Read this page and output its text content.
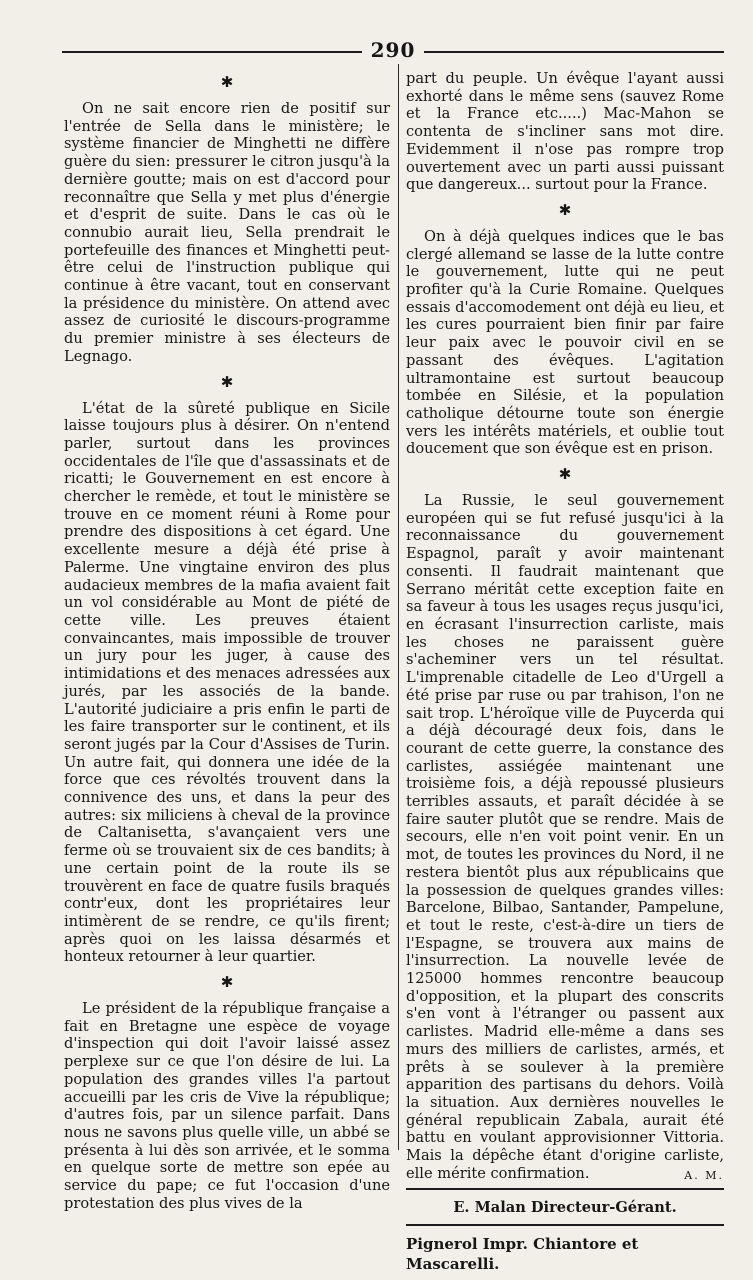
290
✱

On ne sait encore rien de positif sur l'entrée de Sella dans le ministère; le système financier de Minghetti ne diffère guère du sien: pressurer le citron jusqu'à la dernière goutte; mais on est d'accord pour reconnaître que Sella y met plus d'énergie et d'esprit de suite. Dans le cas où le connubio aurait lieu, Sella prendrait le portefeuille des finances et Minghetti peut-être celui de l'instruction publique qui continue à être vacant, tout en conservant la présidence du ministère. On attend avec assez de curiosité le discours-programme du premier ministre à ses électeurs de Legnago.

✱

L'état de la sûreté publique en Sicile laisse toujours plus à désirer. On n'entend parler, surtout dans les provinces occidentales de l'île que d'assassinats et de ricatti; le Gouvernement en est encore à chercher le remède, et tout le ministère se trouve en ce moment réuni à Rome pour prendre des dispositions à cet égard. Une excellente mesure a déjà été prise à Palerme. Une vingtaine environ des plus audacieux membres de la mafia avaient fait un vol considérable au Mont de piété de cette ville. Les preuves étaient convaincantes, mais impossible de trouver un jury pour les juger, à cause des intimidations et des menaces adressées aux jurés, par les associés de la bande. L'autorité judiciaire a pris enfin le parti de les faire transporter sur le continent, et ils seront jugés par la Cour d'Assises de Turin. Un autre fait, qui donnera une idée de la force que ces révoltés trouvent dans la connivence des uns, et dans la peur des autres: six miliciens à cheval de la province de Caltanisetta, s'avançaient vers une ferme où se trouvaient six de ces bandits; à une certain point de la route ils se trouvèrent en face de quatre fusils braqués contr'eux, dont les propriétaires leur intimèrent de se rendre, ce qu'ils firent; après quoi on les laissa désarmés et honteux retourner à leur quartier.

✱

Le président de la république française a fait en Bretagne une espèce de voyage d'inspection qui doit l'avoir laissé assez perplexe sur ce que l'on désire de lui. La population des grandes villes l'a partout accueilli par les cris de Vive la république; d'autres fois, par un silence parfait. Dans nous ne savons plus quelle ville, un abbé se présenta à lui dès son arrivée, et le somma en quelque sorte de mettre son epée au service du pape; ce fut l'occasion d'une protestation des plus vives de la

part du peuple. Un évêque l'ayant aussi exhorté dans le même sens (sauvez Rome et la France etc.....) Mac-Mahon se contenta de s'incliner sans mot dire. Evidemment il n'ose pas rompre trop ouvertement avec un parti aussi puissant que dangereux... surtout pour la France.

✱

On à déjà quelques indices que le bas clergé allemand se lasse de la lutte contre le gouvernement, lutte qui ne peut profiter qu'à la Curie Romaine. Quelques essais d'accomodement ont déjà eu lieu, et les cures pourraient bien finir par faire leur paix avec le pouvoir civil en se passant des évêques. L'agitation ultramontaine est surtout beaucoup tombée en Silésie, et la population catholique détourne toute son énergie vers les intérêts matériels, et oublie tout doucement que son évêque est en prison.

✱

La Russie, le seul gouvernement européen qui se fut refusé jusqu'ici à la reconnaissance du gouvernement Espagnol, paraît y avoir maintenant consenti. Il faudrait maintenant que Serrano méritât cette exception faite en sa faveur à tous les usages reçus jusqu'ici, en écrasant l'insurrection carliste, mais les choses ne paraissent guère s'acheminer vers un tel résultat. L'imprenable citadelle de Leo d'Urgell a été prise par ruse ou par trahison, l'on ne sait trop. L'héroïque ville de Puycerda qui a déjà découragé deux fois, dans le courant de cette guerre, la constance des carlistes, assiégée maintenant une troisième fois, a déjà repoussé plusieurs terribles assauts, et paraît décidée à se faire sauter plutôt que se rendre. Mais de secours, elle n'en voit point venir. En un mot, de toutes les provinces du Nord, il ne restera bientôt plus aux républicains que la possession de quelques grandes villes: Barcelone, Bilbao, Santander, Pampelune, et tout le reste, c'est-à-dire un tiers de l'Espagne, se trouvera aux mains de l'insurrection. La nouvelle levée de 125000 hommes rencontre beaucoup d'opposition, et la plupart des conscrits s'en vont à l'étranger ou passent aux carlistes. Madrid elle-même a dans ses murs des milliers de carlistes, armés, et prêts à se soulever à la première apparition des partisans du dehors. Voilà la situation. Aux dernières nouvelles le général republicain Zabala, aurait été battu en voulant approvisionner Vittoria. Mais la dépêche étant d'origine carliste, elle mérite confirmation.	A. M.

E. Malan Directeur-Gérant.
Pignerol Impr. Chiantore et Mascarelli.
